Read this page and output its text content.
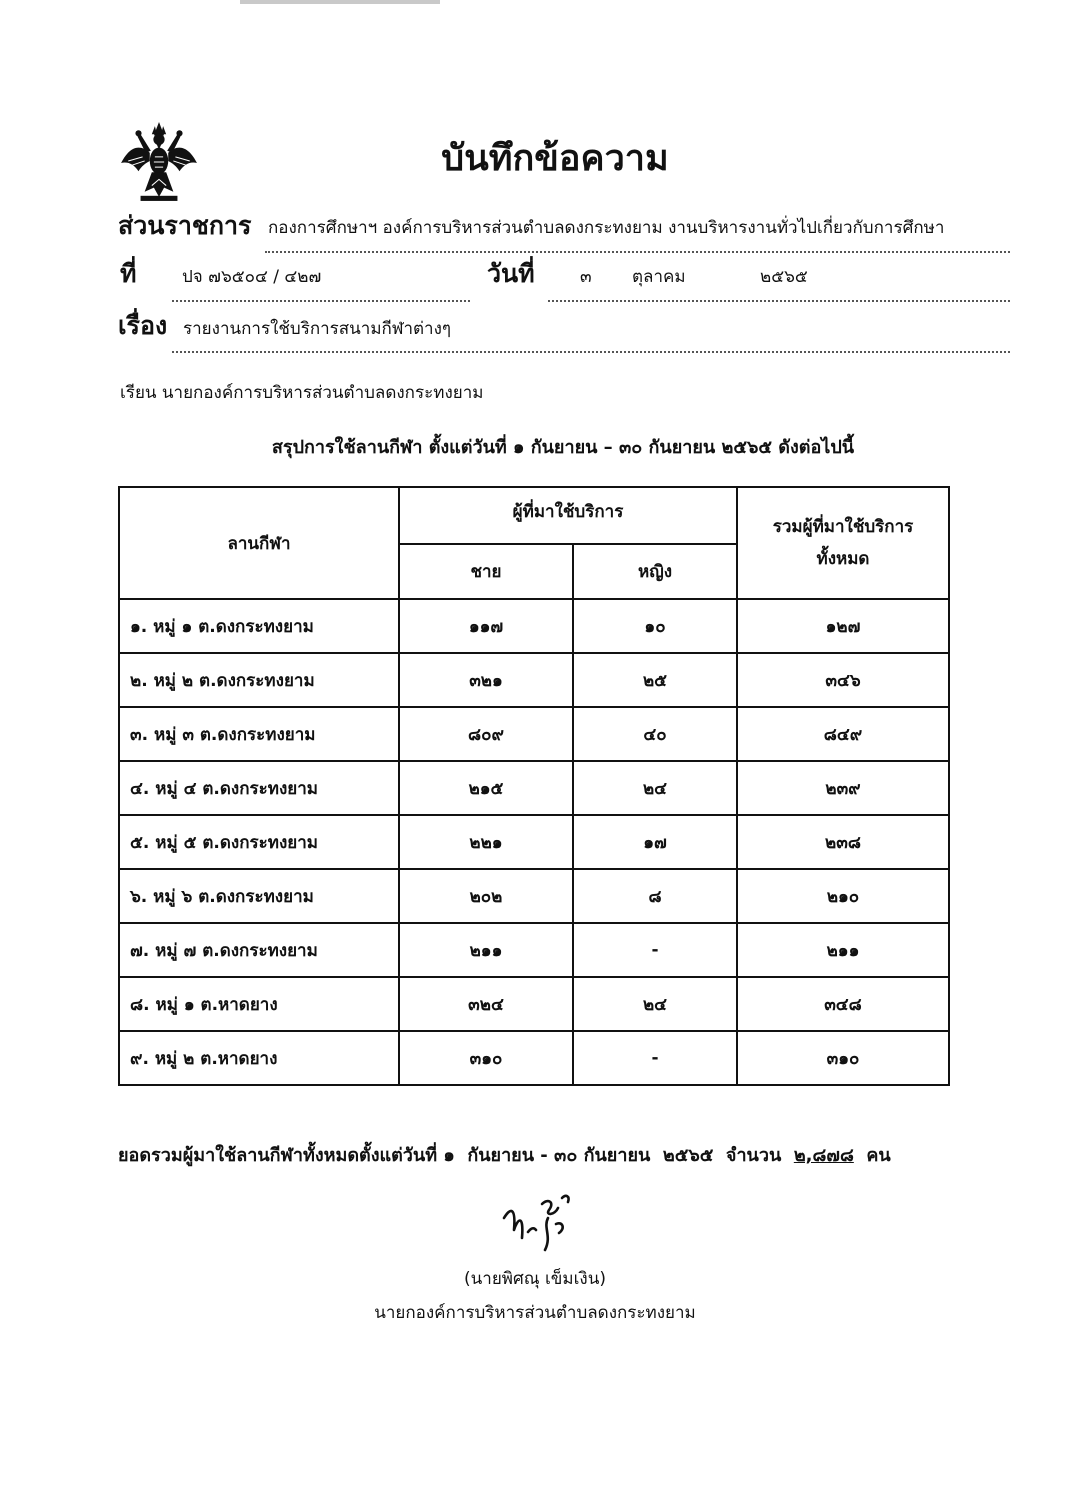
บันทึกข้อความ
ส่วนราชการ กองการศึกษาฯ องค์การบริหารส่วนตำบลดงกระทงยาม งานบริหารงานทั่วไปเกี่ยวกับการศึกษา
ที่	ปจ ๗๖๕๐๔ / ๔๒๗	วันที่	๓ ตุลาคม	๒๕๖๕
เรื่อง รายงานการใช้บริการสนามกีฬาต่างๆ
เรียน นายกองค์การบริหารส่วนตำบลดงกระทงยาม
สรุปการใช้ลานกีฬา ตั้งแต่วันที่ ๑ กันยายน – ๓๐ กันยายน ๒๕๖๕ ดังต่อไปนี้
ลานกีฬา	ผู้ที่มาใช้บริการ		รวมผู้ที่มาใช้บริการ
ทั้งหมด
	ชาย	หญิง	
๑. หมู่ ๑ ต.ดงกระทงยาม	๑๑๗	๑๐	๑๒๗
๒. หมู่ ๒ ต.ดงกระทงยาม	๓๒๑	๒๕	๓๔๖
๓. หมู่ ๓ ต.ดงกระทงยาม	๘๐๙	๔๐	๘๔๙
๔. หมู่ ๔ ต.ดงกระทงยาม	๒๑๕	๒๔	๒๓๙
๕. หมู่ ๕ ต.ดงกระทงยาม	๒๒๑	๑๗	๒๓๘
๖. หมู่ ๖ ต.ดงกระทงยาม	๒๐๒	๘	๒๑๐
๗. หมู่ ๗ ต.ดงกระทงยาม	๒๑๑	-	๒๑๑
๘. หมู่ ๑ ต.หาดยาง	๓๒๔	๒๔	๓๔๘
๙. หมู่ ๒ ต.หาดยาง	๓๑๐	-	๓๑๐
ยอดรวมผู้มาใช้ลานกีฬาทั้งหมดตั้งแต่วันที่ ๑  กันยายน - ๓๐ กันยายน  ๒๕๖๕  จำนวน  ๒,๘๗๘  คน
(นายพิศณุ เข็มเงิน)
นายกองค์การบริหารส่วนตำบลดงกระทงยาม
